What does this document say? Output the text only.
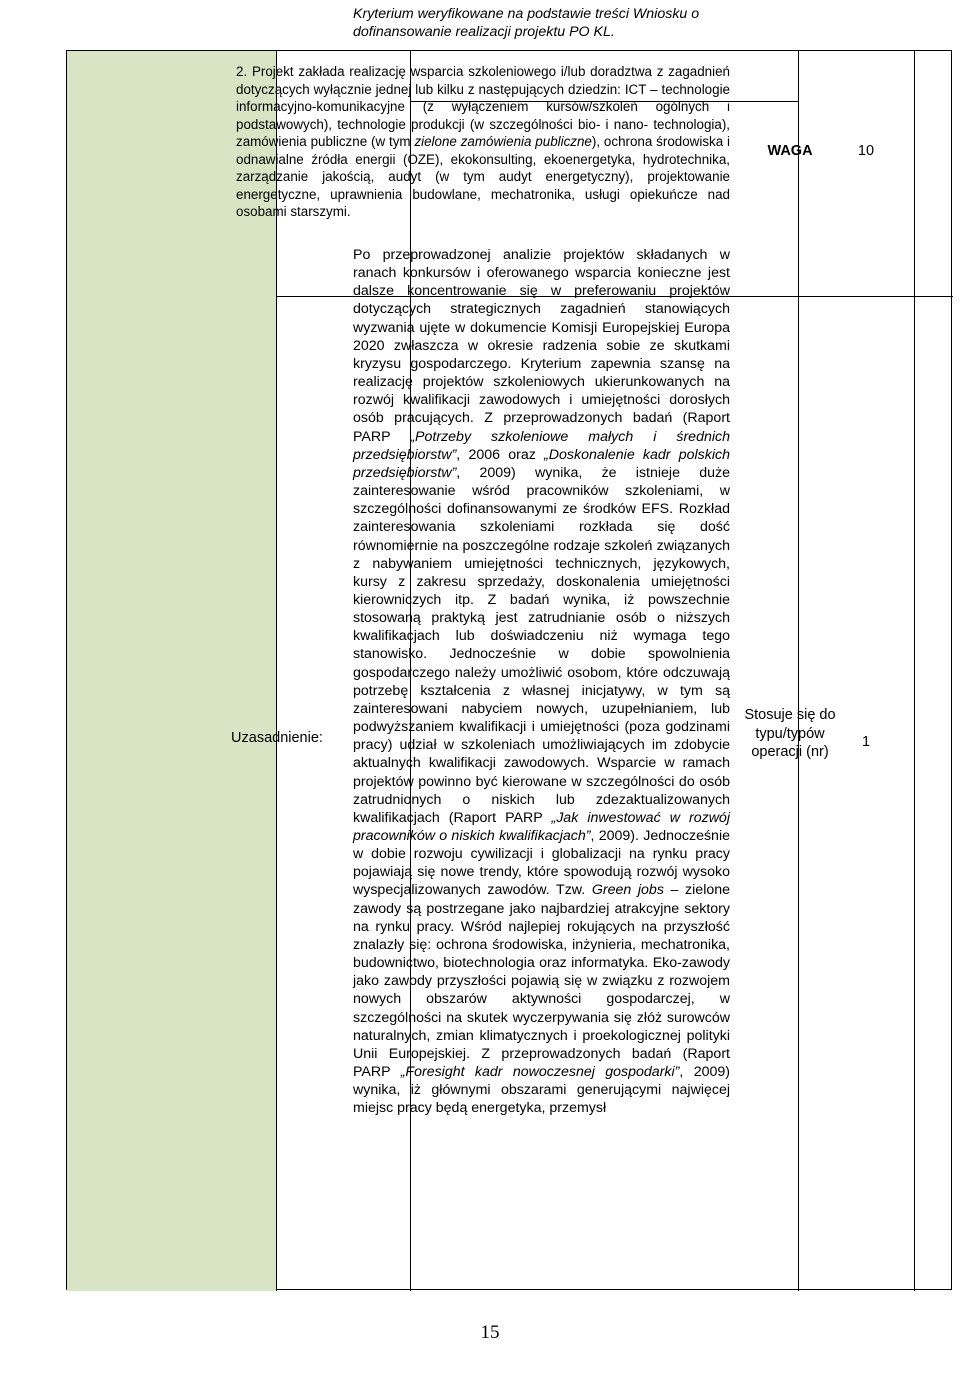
Kryterium weryfikowane na podstawie treści Wniosku o dofinansowanie realizacji projektu PO KL.
2. Projekt zakłada realizację wsparcia szkoleniowego i/lub doradztwa z zagadnień dotyczących wyłącznie jednej lub kilku z następujących dziedzin: ICT – technologie informacyjno-komunikacyjne (z wyłączeniem kursów/szkoleń ogólnych i podstawowych), technologie produkcji (w szczególności bio- i nano- technologia), zamówienia publiczne (w tym zielone zamówienia publiczne), ochrona środowiska i odnawialne źródła energii (OZE), ekokonsulting, ekoenergetyka, hydrotechnika, zarządzanie jakością, audyt (w tym audyt energetyczny), projektowanie energetyczne, uprawnienia budowlane, mechatronika, usługi opiekuńcze nad osobami starszymi.
WAGA	10
Uzasadnienie:
Po przeprowadzonej analizie projektów składanych w ranach konkursów i oferowanego wsparcia konieczne jest dalsze koncentrowanie się w preferowaniu projektów dotyczących strategicznych zagadnień stanowiących wyzwania ujęte w dokumencie Komisji Europejskiej Europa 2020 zwłaszcza w okresie radzenia sobie ze skutkami kryzysu gospodarczego. Kryterium zapewnia szansę na realizację projektów szkoleniowych ukierunkowanych na rozwój kwalifikacji zawodowych i umiejętności dorosłych osób pracujących. Z przeprowadzonych badań (Raport PARP „Potrzeby szkoleniowe małych i średnich przedsiębiorstw”, 2006 oraz „Doskonalenie kadr polskich przedsiębiorstw”, 2009) wynika, że istnieje duże zainteresowanie wśród pracowników szkoleniami, w szczególności dofinansowanymi ze środków EFS. Rozkład zainteresowania szkoleniami rozkłada się dość równomiernie na poszczególne rodzaje szkoleń związanych z nabywaniem umiejętności technicznych, językowych, kursy z zakresu sprzedaży, doskonalenia umiejętności kierowniczych itp. Z badań wynika, iż powszechnie stosowaną praktyką jest zatrudnianie osób o niższych kwalifikacjach lub doświadczeniu niż wymaga tego stanowisko. Jednocześnie w dobie spowolnienia gospodarczego należy umożliwić osobom, które odczuwają potrzebę kształcenia z własnej inicjatywy, w tym są zainteresowani nabyciem nowych, uzupełnianiem, lub podwyższaniem kwalifikacji i umiejętności (poza godzinami pracy) udział w szkoleniach umożliwiających im zdobycie aktualnych kwalifikacji zawodowych. Wsparcie w ramach projektów powinno być kierowane w szczególności do osób zatrudnionych o niskich lub zdezaktualizowanych kwalifikacjach (Raport PARP „Jak inwestować w rozwój pracowników o niskich kwalifikacjach”, 2009). Jednocześnie w dobie rozwoju cywilizacji i globalizacji na rynku pracy pojawiają się nowe trendy, które spowodują rozwój wysoko wyspecjalizowanych zawodów. Tzw. Green jobs – zielone zawody są postrzegane jako najbardziej atrakcyjne sektory na rynku pracy. Wśród najlepiej rokujących na przyszłość znalazły się: ochrona środowiska, inżynieria, mechatronika, budownictwo, biotechnologia oraz informatyka. Eko-zawody jako zawody przyszłości pojawią się w związku z rozwojem nowych obszarów aktywności gospodarczej, w szczególności na skutek wyczerpywania się złóż surowców naturalnych, zmian klimatycznych i proekologicznej polityki Unii Europejskiej. Z przeprowadzonych badań (Raport PARP „Foresight kadr nowoczesnej gospodarki”, 2009) wynika, iż głównymi obszarami generującymi najwięcej miejsc pracy będą energetyka, przemysł
Stosuje się do typu/typów operacji (nr)
1
15
